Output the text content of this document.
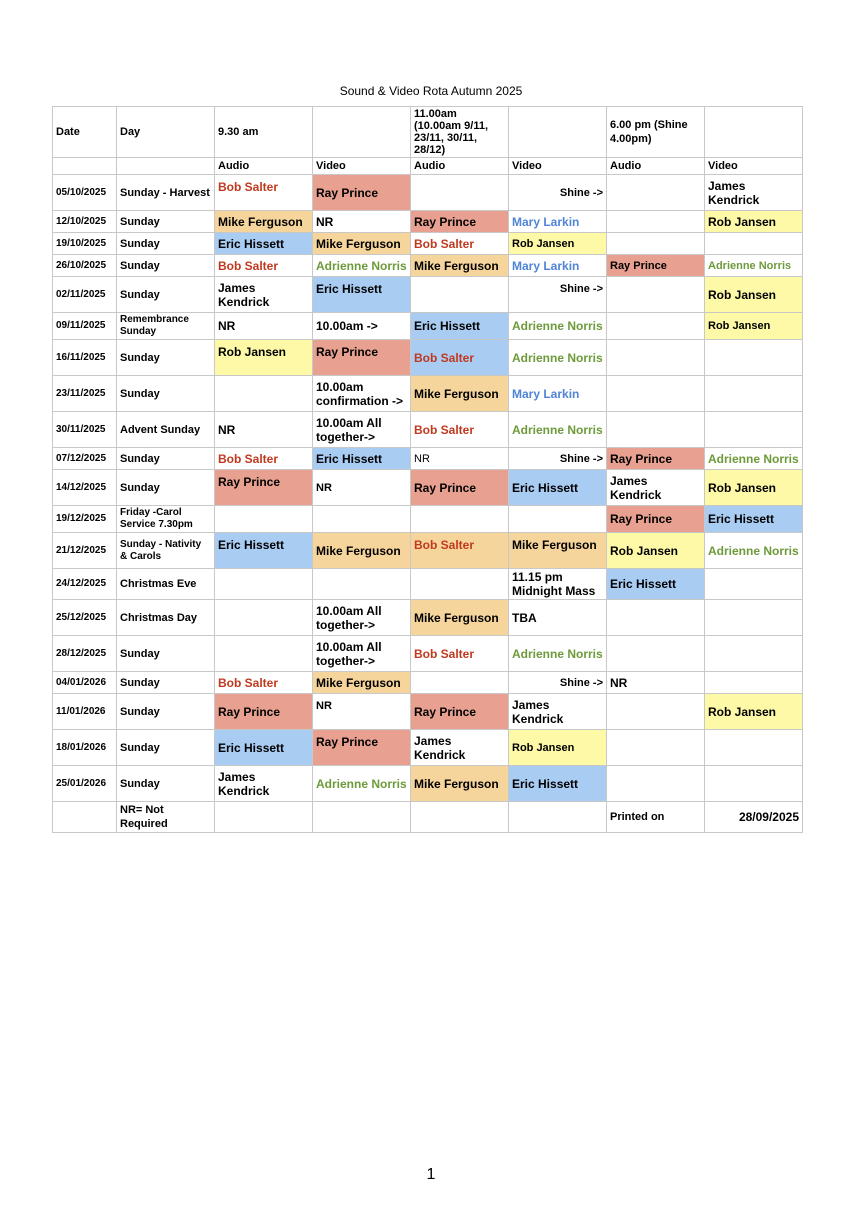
Sound & Video Rota Autumn 2025
Date	Day	9.30 am		11.00am (10.00am 9/11, 23/11, 30/11, 28/12)		6.00 pm (Shine 4.00pm)	
		Audio	Video	Audio	Video	Audio	Video
05/10/2025	Sunday - Harvest	Bob Salter	Ray Prince		Shine ->		James Kendrick
12/10/2025	Sunday	Mike Ferguson	NR	Ray Prince	Mary Larkin		Rob Jansen
19/10/2025	Sunday	Eric Hissett	Mike Ferguson	Bob Salter	Rob Jansen		
26/10/2025	Sunday	Bob Salter	Adrienne Norris	Mike Ferguson	Mary Larkin	Ray Prince	Adrienne Norris
02/11/2025	Sunday	James Kendrick	Eric Hissett		Shine ->		Rob Jansen
09/11/2025	Remembrance Sunday	NR	10.00am ->	Eric Hissett	Adrienne Norris		Rob Jansen
16/11/2025	Sunday	Rob Jansen	Ray Prince	Bob Salter	Adrienne Norris		
23/11/2025	Sunday		10.00am confirmation ->	Mike Ferguson	Mary Larkin		
30/11/2025	Advent Sunday	NR	10.00am All together->	Bob Salter	Adrienne Norris		
07/12/2025	Sunday	Bob Salter	Eric Hissett	NR	Shine ->	Ray Prince	Adrienne Norris
14/12/2025	Sunday	Ray Prince	NR	Ray Prince	Eric Hissett	James Kendrick	Rob Jansen
19/12/2025	Friday -Carol Service 7.30pm					Ray Prince	Eric Hissett
21/12/2025	Sunday - Nativity & Carols	Eric Hissett	Mike Ferguson	Bob Salter	Mike Ferguson	Rob Jansen	Adrienne Norris
24/12/2025	Christmas Eve				11.15 pm Midnight Mass	Eric Hissett	
25/12/2025	Christmas Day		10.00am All together->	Mike Ferguson	TBA		
28/12/2025	Sunday		10.00am All together->	Bob Salter	Adrienne Norris		
04/01/2026	Sunday	Bob Salter	Mike Ferguson		Shine ->	NR	
11/01/2026	Sunday	Ray Prince	NR	Ray Prince	James Kendrick		Rob Jansen
18/01/2026	Sunday	Eric Hissett	Ray Prince	James Kendrick	Rob Jansen		
25/01/2026	Sunday	James Kendrick	Adrienne Norris	Mike Ferguson	Eric Hissett		
	NR= Not Required					Printed on	28/09/2025
1
